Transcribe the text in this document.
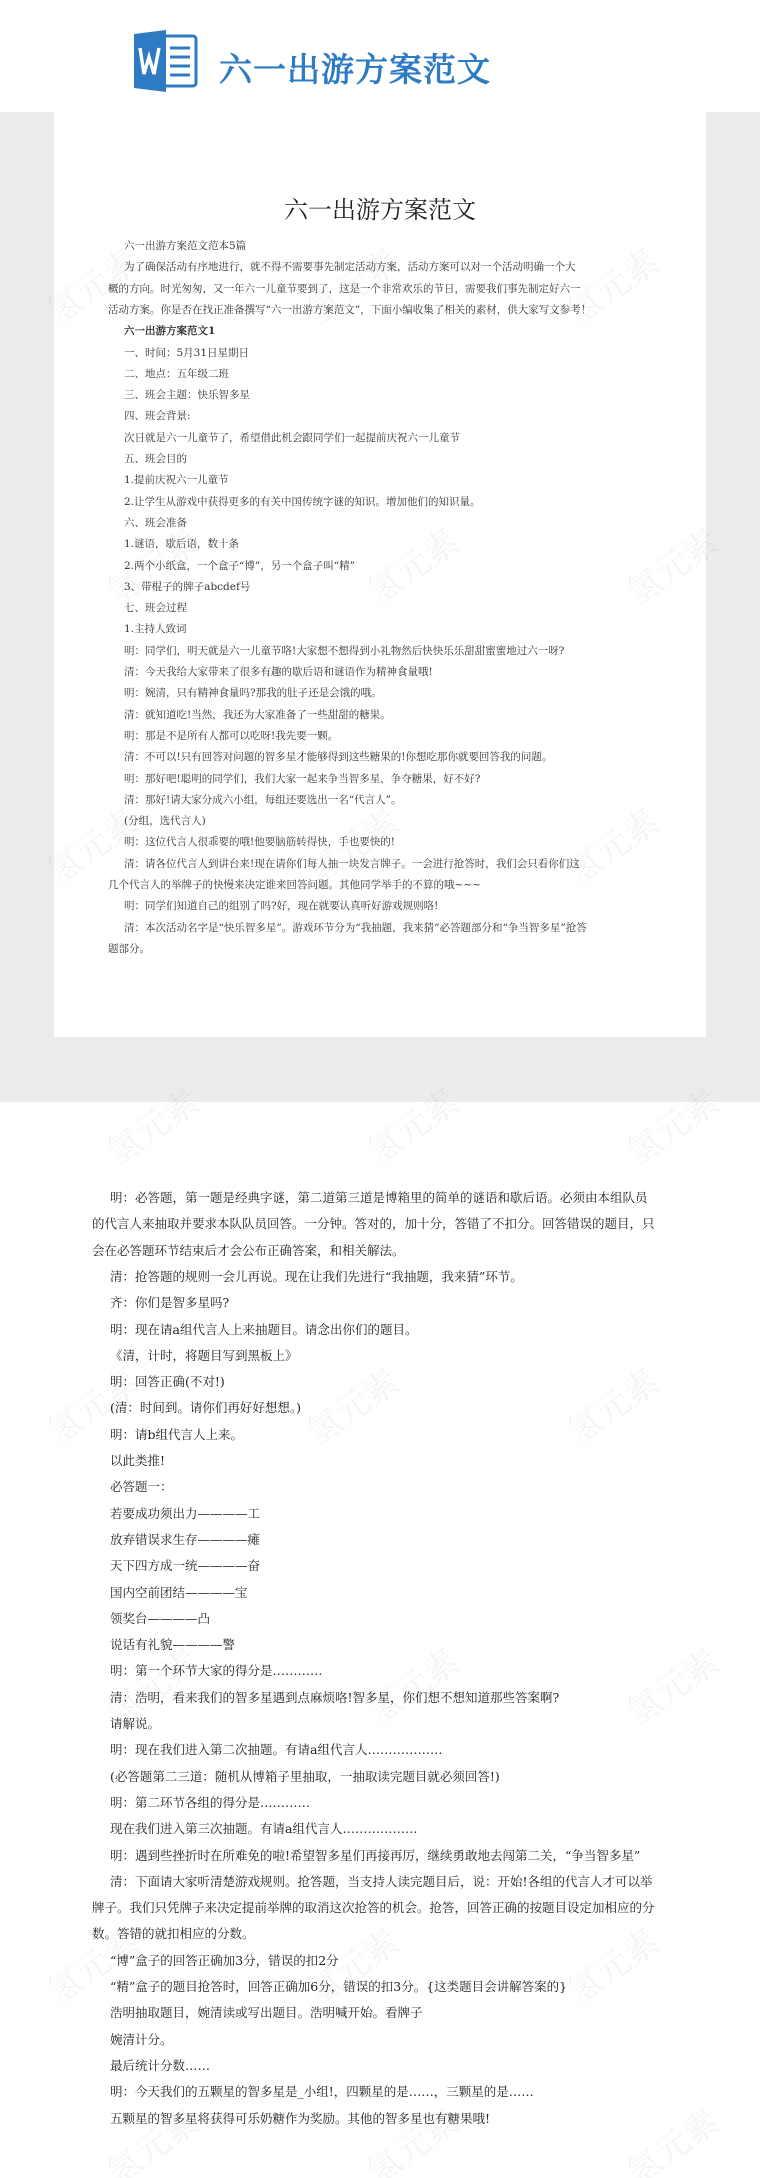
六一出游方案范文
六一出游方案范文
六一出游方案范文范本5篇
为了确保活动有序地进行，就不得不需要事先制定活动方案，活动方案可以对一个活动明确一个大
概的方向。时光匆匆，又一年六一儿童节要到了，这是一个非常欢乐的节日，需要我们事先制定好六一
活动方案。你是否在找正准备撰写“六一出游方案范文”，下面小编收集了相关的素材，供大家写文参考！
六一出游方案范文1
一、时间：5月31日星期日
二、地点：五年级二班
三、班会主题：快乐智多星
四、班会背景:
次日就是六一儿童节了，希望借此机会跟同学们一起提前庆祝六一儿童节
五、班会目的
1.提前庆祝六一儿童节
2.让学生从游戏中获得更多的有关中国传统字谜的知识。增加他们的知识量。
六、班会准备
1.谜语，歇后语，数十条
2.两个小纸盒，一个盒子“博”，另一个盒子叫“精”
3、带棍子的牌子abcdef号
七、班会过程
1.主持人致词
明：同学们，明天就是六一儿童节咯!大家想不想得到小礼物然后快快乐乐甜甜蜜蜜地过六一呀?
清：今天我给大家带来了很多有趣的歇后语和谜语作为精神食量哦!
明：婉清，只有精神食量吗?那我的肚子还是会饿的哦。
清：就知道吃!当然，我还为大家准备了一些甜甜的糖果。
明：那是不是所有人都可以吃呀!我先要一颗。
清：不可以!只有回答对问题的智多星才能够得到这些糖果的!你想吃那你就要回答我的问题。
明：那好吧!聪明的同学们，我们大家一起来争当智多星，争夺糖果，好不好?
清：那好!请大家分成六小组，每组还要选出一名“代言人”。
(分组，选代言人)
明：这位代言人很乖要的哦!他要脑筋转得快，手也要快的!
清：请各位代言人到讲台来!现在请你们每人抽一块发言牌子。一会进行抢答时，我们会只看你们这
几个代言人的举牌子的快慢来决定谁来回答问题。其他同学举手的不算的哦~~~
明：同学们知道自己的组别了吗?好，现在就要认真听好游戏规则咯!
清：本次活动名字是“快乐智多星”。游戏环节分为“我抽题，我来猜”必答题部分和“争当智多星”抢答
题部分。
明：必答题，第一题是经典字谜，第二道第三道是博箱里的简单的谜语和歇后语。必须由本组队员
的代言人来抽取并要求本队队员回答。一分钟。答对的，加十分，答错了不扣分。回答错误的题目，只
会在必答题环节结束后才会公布正确答案，和相关解法。
清：抢答题的规则一会儿再说。现在让我们先进行“我抽题，我来猜”环节。
齐：你们是智多星吗?
明：现在请a组代言人上来抽题目。请念出你们的题目。
《清，计时，将题目写到黑板上》
明：回答正确(不对!)
(清：时间到。请你们再好好想想。)
明：请b组代言人上来。
以此类推!
必答题一：
若要成功须出力————工
放弃错误求生存————瘫
天下四方成一统————奋
国内空前团结————宝
领奖台————凸
说话有礼貌————警
明：第一个环节大家的得分是…………
清：浩明，看来我们的智多星遇到点麻烦咯!智多星，你们想不想知道那些答案啊?
请解说。
明：现在我们进入第二次抽题。有请a组代言人………………
(必答题第二三道：随机从博箱子里抽取，一抽取读完题目就必须回答!)
明：第二环节各组的得分是…………
现在我们进入第三次抽题。有请a组代言人………………
明：遇到些挫折时在所难免的啦!希望智多星们再接再厉，继续勇敢地去闯第二关，“争当智多星”
清：下面请大家听清楚游戏规则。抢答题，当支持人读完题目后，说：开始!各组的代言人才可以举
牌子。我们只凭牌子来决定提前举牌的取消这次抢答的机会。抢答，回答正确的按题目设定加相应的分
数。答错的就扣相应的分数。
“博”盒子的回答正确加3分，错误的扣2分
“精”盒子的题目抢答时，回答正确加6分，错误的扣3分。{这类题目会讲解答案的}
浩明抽取题目，婉清读或写出题目。浩明喊开始。看牌子
婉清计分。
最后统计分数……
明：今天我们的五颗星的智多星是_小组!，四颗星的是……，三颗星的是……
五颗星的智多星将获得可乐奶糖作为奖励。其他的智多星也有糖果哦!
